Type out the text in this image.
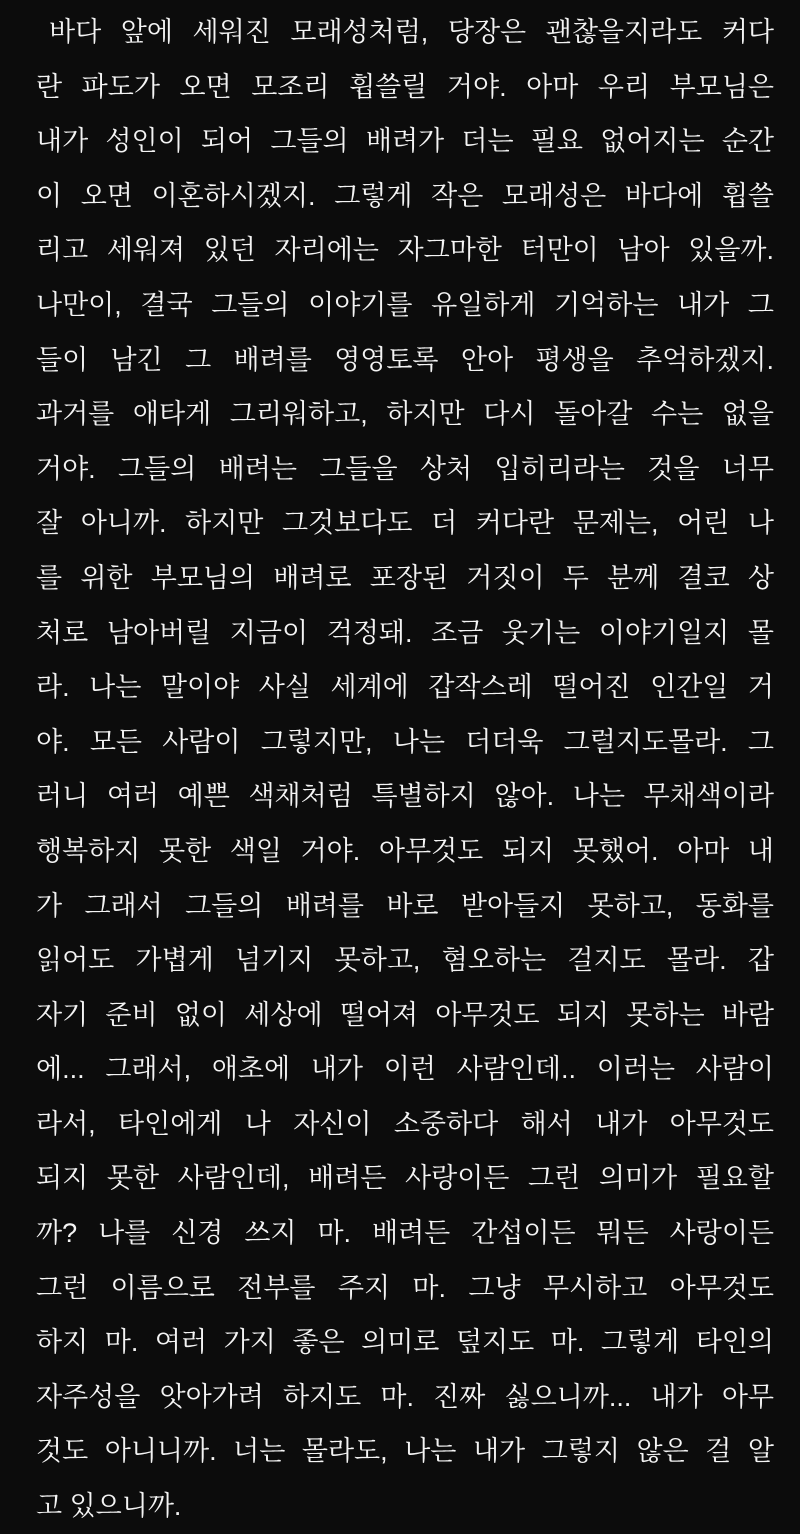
바다 앞에 세워진 모래성처럼, 당장은 괜찮을지라도 커다
란 파도가 오면 모조리 휩쓸릴 거야. 아마 우리 부모님은
내가 성인이 되어 그들의 배려가 더는 필요 없어지는 순간
이 오면 이혼하시겠지. 그렇게 작은 모래성은 바다에 휩쓸
리고 세워져 있던 자리에는 자그마한 터만이 남아 있을까.
나만이, 결국 그들의 이야기를 유일하게 기억하는 내가 그
들이 남긴 그 배려를 영영토록 안아 평생을 추억하겠지.
과거를 애타게 그리워하고, 하지만 다시 돌아갈 수는 없을
거야. 그들의 배려는 그들을 상처 입히리라는 것을 너무
잘 아니까. 하지만 그것보다도 더 커다란 문제는, 어린 나
를 위한 부모님의 배려로 포장된 거짓이 두 분께 결코 상
처로 남아버릴 지금이 걱정돼. 조금 웃기는 이야기일지 몰
라. 나는 말이야 사실 세계에 갑작스레 떨어진 인간일 거
야. 모든 사람이 그렇지만, 나는 더더욱 그럴지도몰라. 그
러니 여러 예쁜 색채처럼 특별하지 않아. 나는 무채색이라
행복하지 못한 색일 거야. 아무것도 되지 못했어. 아마 내
가 그래서 그들의 배려를 바로 받아들지 못하고, 동화를
읽어도 가볍게 넘기지 못하고, 혐오하는 걸지도 몰라. 갑
자기 준비 없이 세상에 떨어져 아무것도 되지 못하는 바람
에... 그래서, 애초에 내가 이런 사람인데.. 이러는 사람이
라서, 타인에게 나 자신이 소중하다 해서 내가 아무것도
되지 못한 사람인데, 배려든 사랑이든 그런 의미가 필요할
까? 나를 신경 쓰지 마. 배려든 간섭이든 뭐든 사랑이든
그런 이름으로 전부를 주지 마. 그냥 무시하고 아무것도
하지 마. 여러 가지 좋은 의미로 덮지도 마. 그렇게 타인의
자주성을 앗아가려 하지도 마. 진짜 싫으니까... 내가 아무
것도 아니니까. 너는 몰라도, 나는 내가 그렇지 않은 걸 알
고 있으니까.
